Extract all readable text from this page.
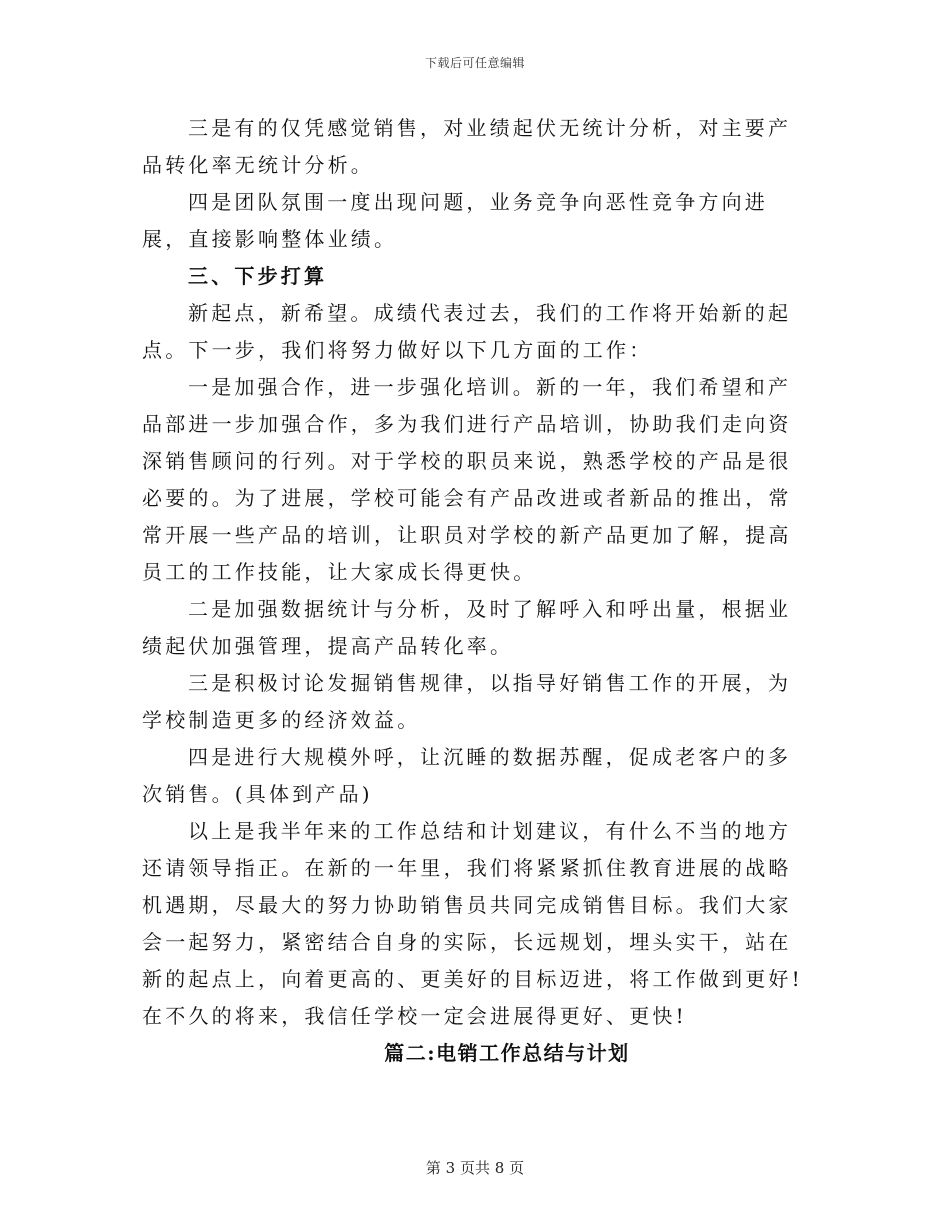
下载后可任意编辑

三是有的仅凭感觉销售，对业绩起伏无统计分析，对主要产品转化率无统计分析。

四是团队氛围一度出现问题，业务竞争向恶性竞争方向进展，直接影响整体业绩。

三、下步打算

新起点，新希望。成绩代表过去，我们的工作将开始新的起点。下一步，我们将努力做好以下几方面的工作：

一是加强合作，进一步强化培训。新的一年，我们希望和产品部进一步加强合作，多为我们进行产品培训，协助我们走向资深销售顾问的行列。对于学校的职员来说，熟悉学校的产品是很必要的。为了进展，学校可能会有产品改进或者新品的推出，常常开展一些产品的培训，让职员对学校的新产品更加了解，提高员工的工作技能，让大家成长得更快。

二是加强数据统计与分析，及时了解呼入和呼出量，根据业绩起伏加强管理，提高产品转化率。

三是积极讨论发掘销售规律，以指导好销售工作的开展，为学校制造更多的经济效益。

四是进行大规模外呼，让沉睡的数据苏醒，促成老客户的多次销售。(具体到产品)

以上是我半年来的工作总结和计划建议，有什么不当的地方还请领导指正。在新的一年里，我们将紧紧抓住教育进展的战略机遇期，尽最大的努力协助销售员共同完成销售目标。我们大家会一起努力，紧密结合自身的实际，长远规划，埋头实干，站在新的起点上，向着更高的、更美好的目标迈进，将工作做到更好!在不久的将来，我信任学校一定会进展得更好、更快!

篇二:电销工作总结与计划

第 3 页共 8 页
